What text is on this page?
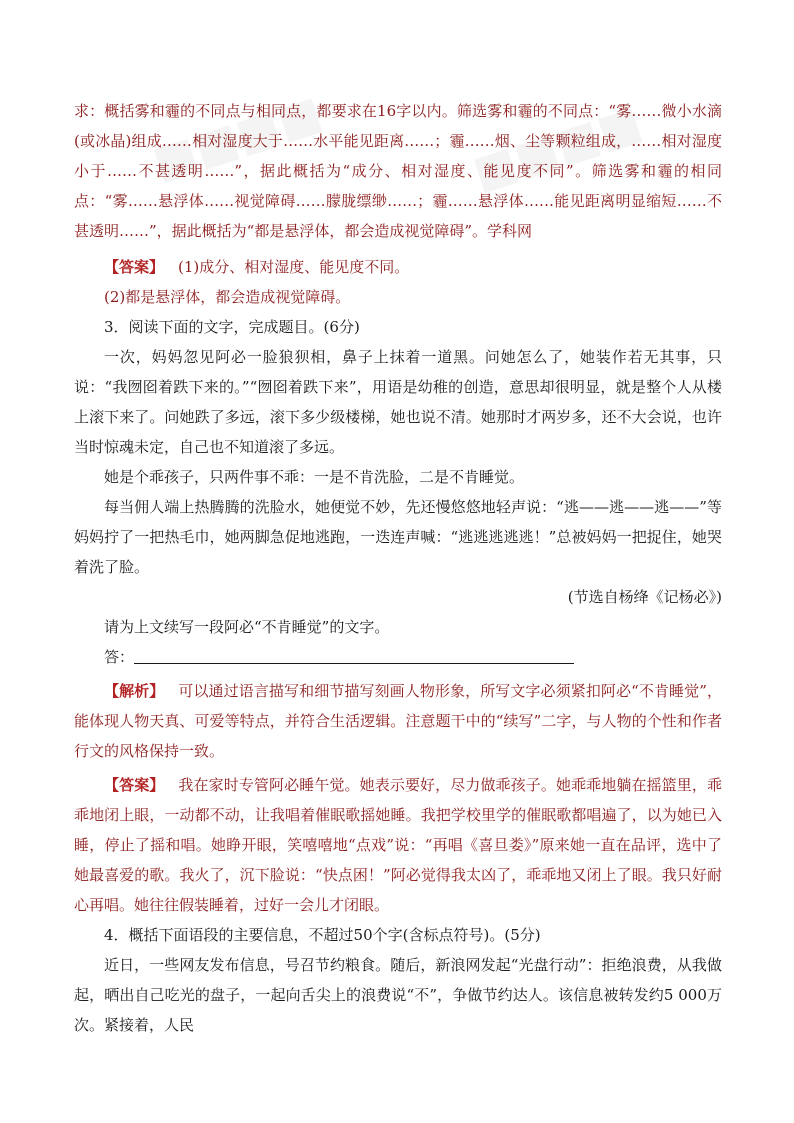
■■■■	■■■■

求：概括雾和霾的不同点与相同点，都要求在16字以内。筛选雾和霾的不同点：“雾……微小水滴(或冰晶)组成……相对湿度大于……水平能见距离……；霾……烟、尘等颗粒组成，……相对湿度小于……不甚透明……”，据此概括为“成分、相对湿度、能见度不同”。筛选雾和霾的相同点：“雾……悬浮体……视觉障碍……朦胧缥缈……；霾……悬浮体……能见距离明显缩短……不甚透明……”，据此概括为“都是悬浮体，都会造成视觉障碍”。学科网

【答案】 (1)成分、相对湿度、能见度不同。

(2)都是悬浮体，都会造成视觉障碍。

3．阅读下面的文字，完成题目。(6分)

一次，妈妈忽见阿必一脸狼狈相，鼻子上抹着一道黑。问她怎么了，她装作若无其事，只说：“我囫囵着跌下来的。”“囫囵着跌下来”，用语是幼稚的创造，意思却很明显，就是整个人从楼上滚下来了。问她跌了多远，滚下多少级楼梯，她也说不清。她那时才两岁多，还不大会说，也许当时惊魂未定，自己也不知道滚了多远。

她是个乖孩子，只两件事不乖：一是不肯洗脸，二是不肯睡觉。

每当佣人端上热腾腾的洗脸水，她便觉不妙，先还慢悠悠地轻声说：“逃——逃——逃——”等妈妈拧了一把热毛巾，她两脚急促地逃跑，一迭连声喊：“逃逃逃逃逃！”总被妈妈一把捉住，她哭着洗了脸。

(节选自杨绛《记杨必》)

请为上文续写一段阿必“不肯睡觉”的文字。

答：

【解析】 可以通过语言描写和细节描写刻画人物形象，所写文字必须紧扣阿必“不肯睡觉”，能体现人物天真、可爱等特点，并符合生活逻辑。注意题干中的“续写”二字，与人物的个性和作者行文的风格保持一致。

【答案】 我在家时专管阿必睡午觉。她表示要好，尽力做乖孩子。她乖乖地躺在摇篮里，乖乖地闭上眼，一动都不动，让我唱着催眠歌摇她睡。我把学校里学的催眠歌都唱遍了，以为她已入睡，停止了摇和唱。她睁开眼，笑嘻嘻地“点戏”说：“再唱《喜旦娄》”原来她一直在品评，选中了她最喜爱的歌。我火了，沉下脸说：“快点困！”阿必觉得我太凶了，乖乖地又闭上了眼。我只好耐心再唱。她往往假装睡着，过好一会儿才闭眼。

4．概括下面语段的主要信息，不超过50个字(含标点符号)。(5分)

近日，一些网友发布信息，号召节约粮食。随后，新浪网发起“光盘行动”：拒绝浪费，从我做起，晒出自己吃光的盘子，一起向舌尖上的浪费说“不”，争做节约达人。该信息被转发约5 000万次。紧接着，人民
